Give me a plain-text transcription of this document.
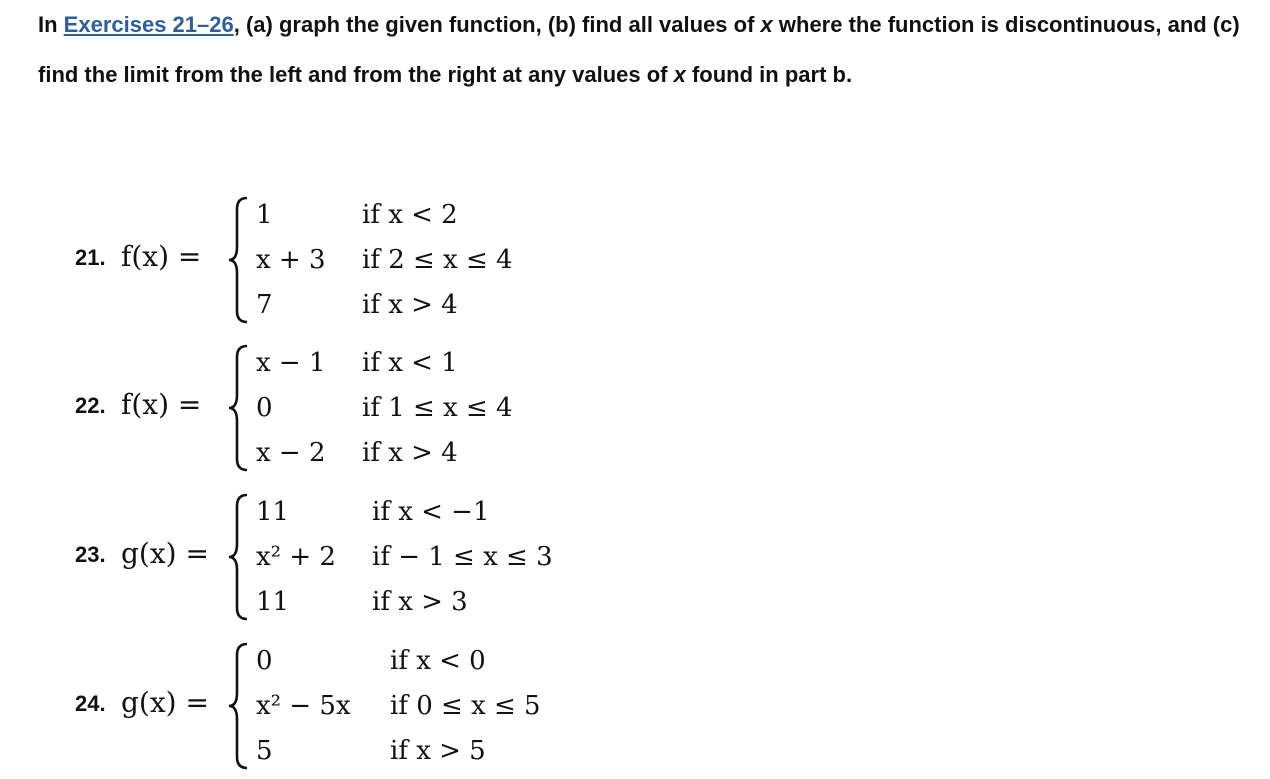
In Exercises 21–26, (a) graph the given function, (b) find all values of x where the function is discontinuous, and (c) find the limit from the left and from the right at any values of x found in part b.

21. f(x) =
1	if x < 2
x + 3 if 2 ≤ x ≤ 4
7	if x > 4
22. f(x) =
x − 1 if x < 1
0	if 1 ≤ x ≤ 4
x − 2 if x > 4
23. g(x) =
11	if x < −1
x² + 2 if − 1 ≤ x ≤ 3
11	if x > 3
24. g(x) =
0	if x < 0
x² − 5x if 0 ≤ x ≤ 5
5	if x > 5
